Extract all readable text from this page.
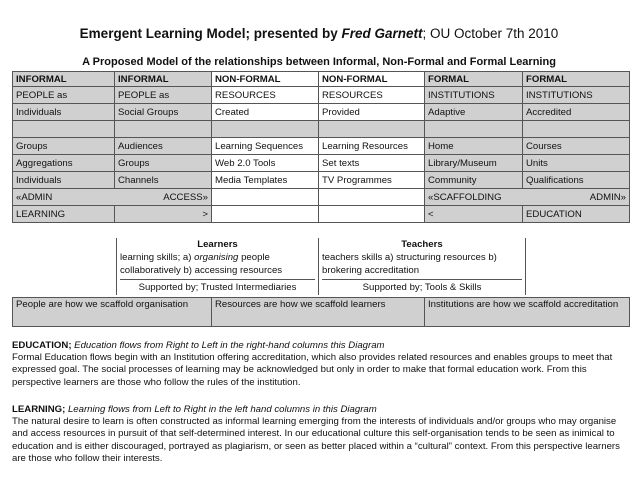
Emergent Learning Model; presented by Fred Garnett; OU October 7th 2010
A Proposed Model of the relationships between Informal, Non-Formal and Formal Learning
INFORMAL	INFORMAL	NON-FORMAL	NON-FORMAL	FORMAL	FORMAL
PEOPLE as	PEOPLE as	RESOURCES	RESOURCES	INSTITUTIONS	INSTITUTIONS
Individuals	Social Groups	Created	Provided	Adaptive	Accredited

Groups	Audiences	Learning Sequences	Learning Resources	Home	Courses
Aggregations	Groups	Web 2.0 Tools	Set texts	Library/Museum	Units
Individuals	Channels	Media Templates	TV Programmes	Community	Qualifications

«ADMIN ACCESS»				«SCAFFOLDING ADMIN»	

LEARNING	>			<	EDUCATION
Learners
learning skills; a) organising people collaboratively b) accessing resources
Supported by; Trusted Intermediaries
Teachers
teachers skills a) structuring resources b) brokering accreditation
Supported by; Tools & Skills
People are how we scaffold organisation	Resources are how we scaffold learners	Institutions are how we scaffold accreditation
EDUCATION; Education flows from Right to Left in the right-hand columns this Diagram
Formal Education flows begin with an Institution offering accreditation, which also provides related resources and enables groups to meet that expressed goal. The social processes of learning may be acknowledged but only in order to make that formal education work. From this perspective learners are those who follow the rules of the institution.
LEARNING; Learning flows from Left to Right in the left hand columns in this Diagram
The natural desire to learn is often constructed as informal learning emerging from the interests of individuals and/or groups who may organise and access resources in pursuit of that self-determined interest. In our educational culture this self-organisation tends to be seen as inimical to education and is either discouraged, portrayed as plagiarism, or seen as better placed within a “cultural” context. From this perspective learners are those who follow their interests.
